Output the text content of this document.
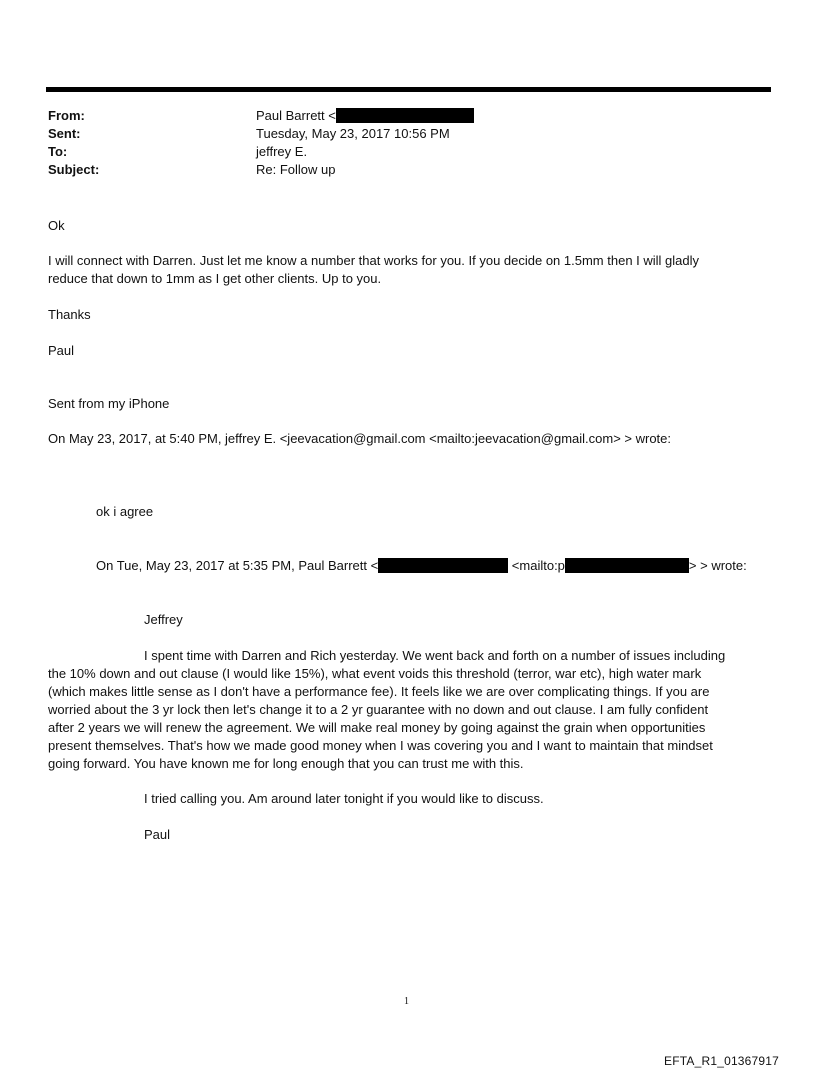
From:	Paul Barrett <
Sent:	Tuesday, May 23, 2017 10:56 PM
To:	jeffrey E.
Subject:	Re: Follow up
Ok
I will connect with Darren. Just let me know a number that works for you. If you decide on 1.5mm then I will gladly
reduce that down to 1mm as I get other clients. Up to you.
Thanks
Paul
Sent from my iPhone
On May 23, 2017, at 5:40 PM, jeffrey E. <jeevacation@gmail.com <mailto:jeevacation@gmail.com> > wrote:
ok i agree
On Tue, May 23, 2017 at 5:35 PM, Paul Barrett <	<mailto:p	> > wrote:
Jeffrey
I spent time with Darren and Rich yesterday. We went back and forth on a number of issues including
the 10% down and out clause (I would like 15%), what event voids this threshold (terror, war etc), high water mark
(which makes little sense as I don't have a performance fee). It feels like we are over complicating things. If you are
worried about the 3 yr lock then let's change it to a 2 yr guarantee with no down and out clause. I am fully confident
after 2 years we will renew the agreement. We will make real money by going against the grain when opportunities
present themselves. That's how we made good money when I was covering you and I want to maintain that mindset
going forward. You have known me for long enough that you can trust me with this.
I tried calling you. Am around later tonight if you would like to discuss.
Paul
1
EFTA_R1_01367917
